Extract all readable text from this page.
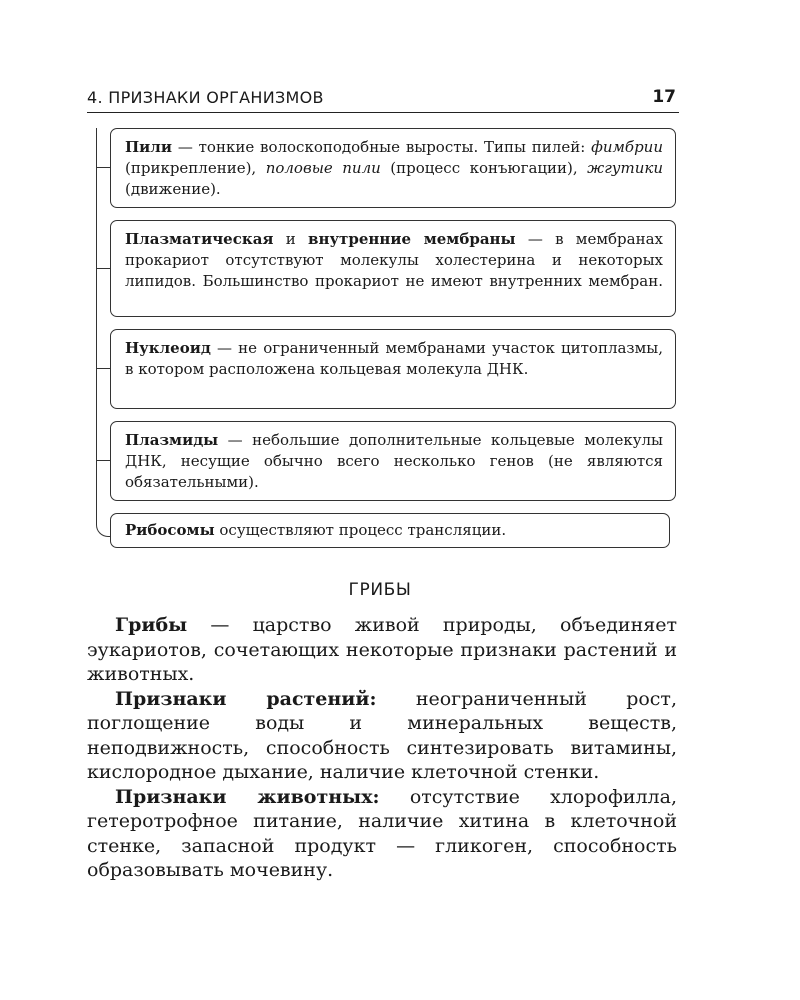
4. ПРИЗНАКИ ОРГАНИЗМОВ	17

Пили — тонкие волоскоподобные выросты. Типы пилей: фимбрии (прикрепление), половые пили (процесс конъюгации), жгутики (движение).

Плазматическая и внутренние мембраны — в мембранах прокариот отсутствуют молекулы холестерина и некоторых липидов. Большинство прокариот не имеют внутренних мембран.

Нуклеоид — не ограниченный мембранами участок цитоплазмы, в котором расположена кольцевая молекула ДНК.

Плазмиды — небольшие дополнительные кольцевые молекулы ДНК, несущие обычно всего несколько генов (не являются обязательными).

Рибосомы осуществляют процесс трансляции.

ГРИБЫ

Грибы — царство живой природы, объединяет эукариотов, сочетающих некоторые признаки растений и животных.

Признаки растений: неограниченный рост, поглощение воды и минеральных веществ, неподвижность, способность синтезировать витамины, кислородное дыхание, наличие клеточной стенки.

Признаки животных: отсутствие хлорофилла, гетеротрофное питание, наличие хитина в клеточной стенке, запасной продукт — гликоген, способность образовывать мочевину.
